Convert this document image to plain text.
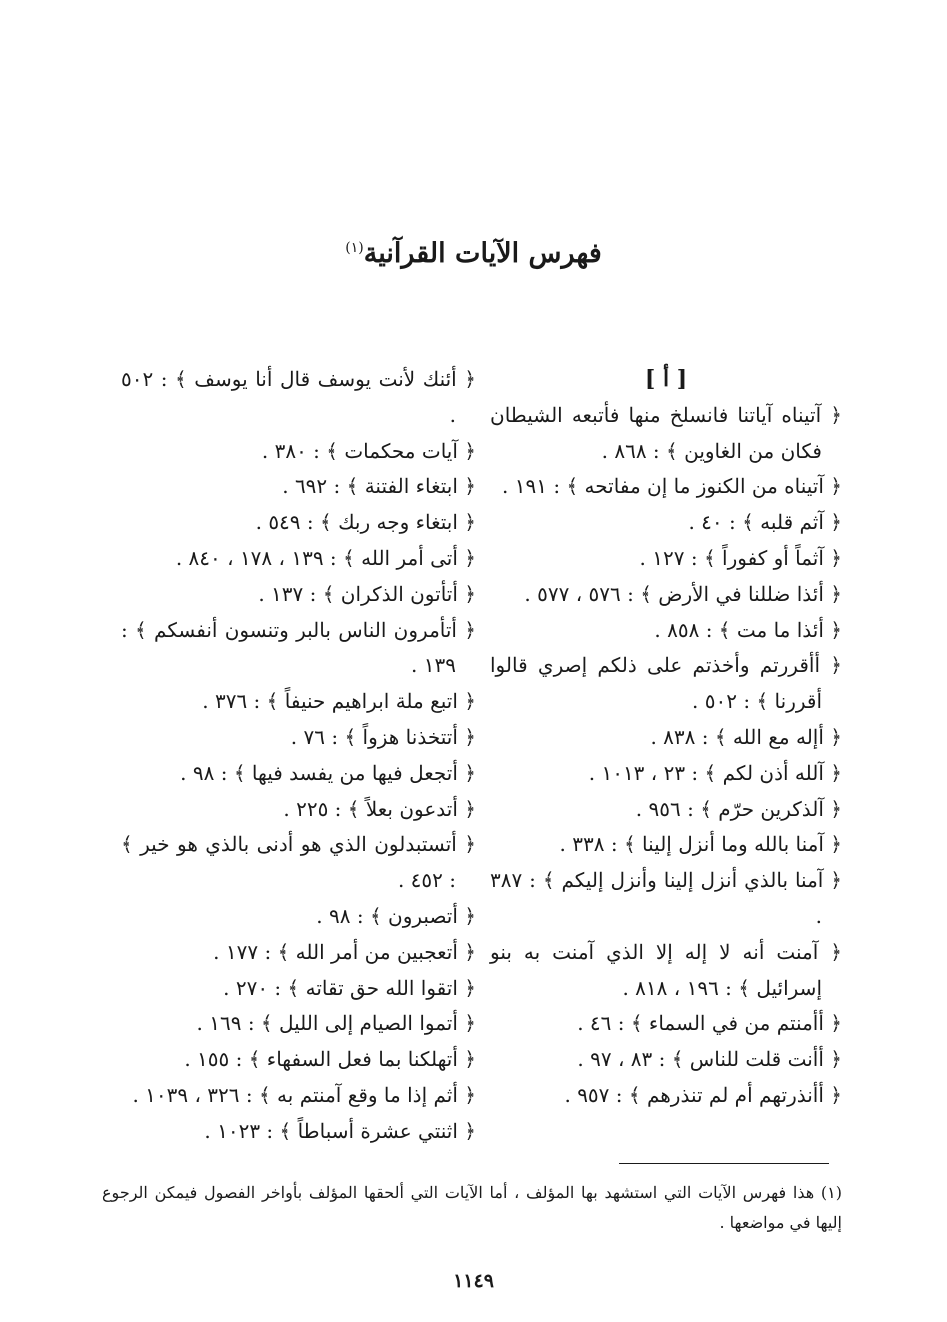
فهرس الآيات القرآنية$^{(١)}$
[ أ ]
﴿ آتيناه آياتنا فانسلخ منها فأتبعه الشيطان فكان من الغاوين ﴾ : ٨٦٨ .
﴿ آتيناه من الكنوز ما إن مفاتحه ﴾ : ١٩١ .
﴿ آثم قلبه ﴾ : ٤٠ .
﴿ آثماً أو كفوراً ﴾ : ١٢٧ .
﴿ أئذا ضللنا في الأرض ﴾ : ٥٧٦ ، ٥٧٧ .
﴿ أئذا ما مت ﴾ : ٨٥٨ .
﴿ أأقررتم وأخذتم على ذلكم إصري قالوا أقررنا ﴾ : ٥٠٢ .
﴿ أإله مع الله ﴾ : ٨٣٨ .
﴿ آلله أذن لكم ﴾ : ٢٣ ، ١٠١٣ .
﴿ آلذكرين حرّم ﴾ : ٩٥٦ .
﴿ آمنا بالله وما أنزل إلينا ﴾ : ٣٣٨ .
﴿ آمنا بالذي أنزل إلينا وأنزل إليكم ﴾ : ٣٨٧ .
﴿ آمنت أنه لا إله إلا الذي آمنت به بنو إسرائيل ﴾ : ١٩٦ ، ٨١٨ .
﴿ أأمنتم من في السماء ﴾ : ٤٦ .
﴿ أأنت قلت للناس ﴾ : ٨٣ ، ٩٧ .
﴿ أأنذرتهم أم لم تنذرهم ﴾ : ٩٥٧ .
﴿ أئنك لأنت يوسف قال أنا يوسف ﴾ : ٥٠٢ .
﴿ آيات محكمات ﴾ : ٣٨٠ .
﴿ ابتغاء الفتنة ﴾ : ٦٩٢ .
﴿ ابتغاء وجه ربك ﴾ : ٥٤٩ .
﴿ أتى أمر الله ﴾ : ١٣٩ ، ١٧٨ ، ٨٤٠ .
﴿ أتأتون الذكران ﴾ : ١٣٧ .
﴿ أتأمرون الناس بالبر وتنسون أنفسكم ﴾ : ١٣٩ .
﴿ اتبع ملة ابراهيم حنيفاً ﴾ : ٣٧٦ .
﴿ أتتخذنا هزواً ﴾ : ٧٦ .
﴿ أتجعل فيها من يفسد فيها ﴾ : ٩٨ .
﴿ أتدعون بعلاً ﴾ : ٢٢٥ .
﴿ أتستبدلون الذي هو أدنى بالذي هو خير ﴾ : ٤٥٢ .
﴿ أتصبرون ﴾ : ٩٨ .
﴿ أتعجبين من أمر الله ﴾ : ١٧٧ .
﴿ اتقوا الله حق تقاته ﴾ : ٢٧٠ .
﴿ أتموا الصيام إلى الليل ﴾ : ١٦٩ .
﴿ أتهلكنا بما فعل السفهاء ﴾ : ١٥٥ .
﴿ أثم إذا ما وقع آمنتم به ﴾ : ٣٢٦ ، ١٠٣٩ .
﴿ اثنتي عشرة أسباطاً ﴾ : ١٠٢٣ .
(١) هذا فهرس الآيات التي استشهد بها المؤلف ، أما الآيات التي ألحقها المؤلف بأواخر الفصول فيمكن الرجوع إليها في مواضعها .
١١٤٩
